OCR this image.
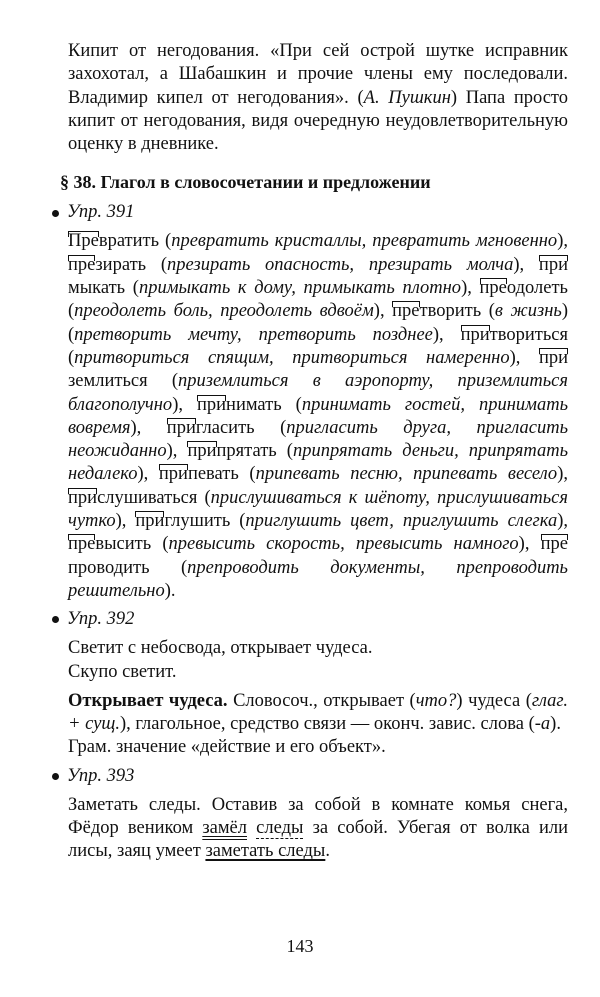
Кипит от негодования. «При сей острой шутке исправник захохотал, а Шабашкин и прочие члены ему последовали. Владимир кипел от негодования». (А. Пушкин) Папа просто кипит от негодования, видя очередную неудовлетворительную оценку в дневнике.

§ 38. Глагол в словосочетании и предложении
Упр. 391

Пре
вратить (превратить кристаллы, превратить мгновенно), пре
зирать (презирать опасность, презирать молча), при
мыкать (примыкать к дому, примыкать плотно), пре
одолеть (преодолеть боль, преодолеть вдвоём), пре
творить (в жизнь) (претворить мечту, претворить позднее), при
твориться (притвориться спящим, притвориться намеренно), при
землиться (приземлиться в аэропорту, приземлиться благополучно), при
нимать (принимать гостей, принимать вовремя), при
гласить (пригласить друга, пригласить неожиданно), при
прятать (припрятать деньги, припрятать недалеко), при
певать (припевать песню, припевать весело), при
слушиваться (прислушиваться к шёпоту, прислушиваться чутко), при
глушить (приглушить цвет, приглушить слегка), пре
высить (превысить скорость, превысить намного), пре
проводить (препроводить документы, препроводить решительно).

Упр. 392

Светит с небосвода, открывает чудеса.

Скупо светит.

Открывает чудеса. Словосоч., открывает (что?) чудеса (глаг. + сущ.), глагольное, средство связи — оконч. завис. слова (-а).

Грам. значение «действие и его объект».

Упр. 393

Заметать следы. Оставив за собой в комнате комья снега, Фёдор веником замёл следы за собой. Убегая от волка или лисы, заяц умеет заметать следы.

143
